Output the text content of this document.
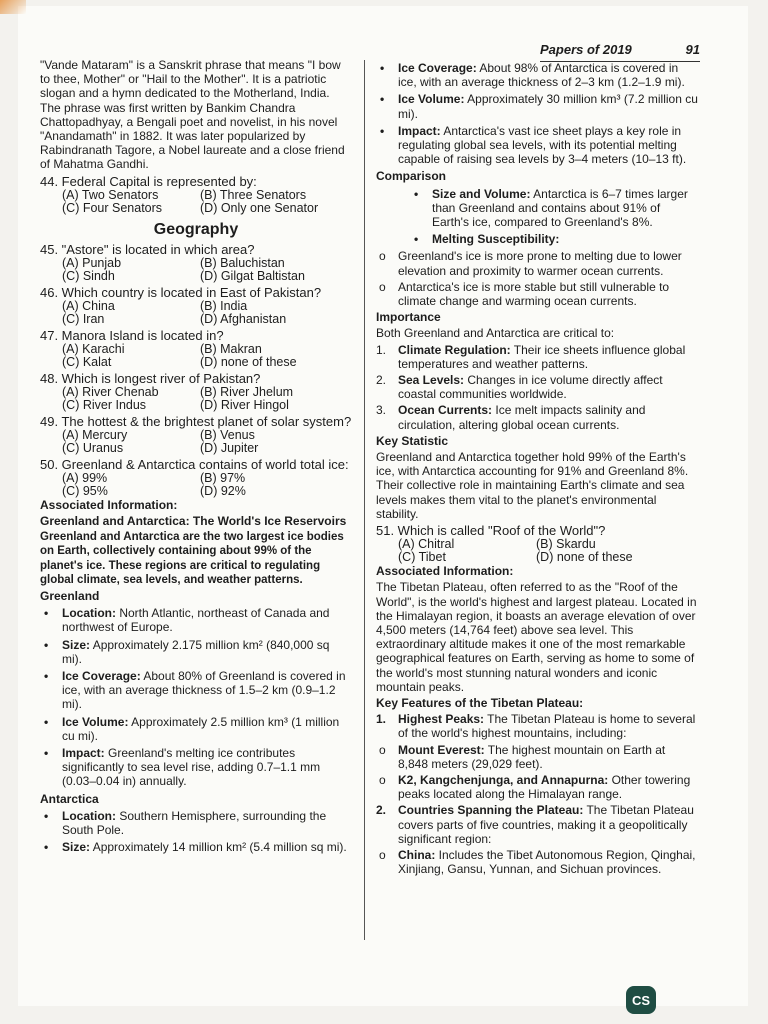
Papers of 2019	91

"Vande Mataram" is a Sanskrit phrase that means "I bow to thee, Mother" or "Hail to the Mother". It is a patriotic slogan and a hymn dedicated to the Motherland, India. The phrase was first written by Bankim Chandra Chattopadhyay, a Bengali poet and novelist, in his novel "Anandamath" in 1882. It was later popularized by Rabindranath Tagore, a Nobel laureate and a close friend of Mahatma Gandhi.

44. Federal Capital is represented by:
(A) Two Senators	(B) Three Senators
(C) Four Senators	(D) Only one Senator
Geography
45. "Astore" is located in which area?
(A) Punjab	(B) Baluchistan
(C) Sindh	(D) Gilgat Baltistan
46. Which country is located in East of Pakistan?
(A) China	(B) India
(C) Iran	(D) Afghanistan
47. Manora Island is located in?
(A) Karachi	(B) Makran
(C) Kalat	(D) none of these
48. Which is longest river of Pakistan?
(A) River Chenab	(B) River Jhelum
(C) River Indus	(D) River Hingol
49. The hottest & the brightest planet of solar system?
(A) Mercury	(B) Venus
(C) Uranus	(D) Jupiter
50. Greenland & Antarctica contains of world total ice:
(A) 99%	(B) 97%
(C) 95%	(D) 92%

Associated Information:

Greenland and Antarctica: The World's Ice Reservoirs

Greenland and Antarctica are the two largest ice bodies on Earth, collectively containing about 99% of the planet's ice. These regions are critical to regulating global climate, sea levels, and weather patterns.

Greenland

• Location: North Atlantic, northeast of Canada and northwest of Europe.
• Size: Approximately 2.175 million km² (840,000 sq mi).
• Ice Coverage: About 80% of Greenland is covered in ice, with an average thickness of 1.5–2 km (0.9–1.2 mi).
• Ice Volume: Approximately 2.5 million km³ (1 million cu mi).
• Impact: Greenland's melting ice contributes significantly to sea level rise, adding 0.7–1.1 mm (0.03–0.04 in) annually.

Antarctica

• Location: Southern Hemisphere, surrounding the South Pole.
• Size: Approximately 14 million km² (5.4 million sq mi).
• Ice Coverage: About 98% of Antarctica is covered in ice, with an average thickness of 2–3 km (1.2–1.9 mi).
• Ice Volume: Approximately 30 million km³ (7.2 million cu mi).
• Impact: Antarctica's vast ice sheet plays a key role in regulating global sea levels, with its potential melting capable of raising sea levels by 3–4 meters (10–13 ft).

Comparison

• Size and Volume: Antarctica is 6–7 times larger than Greenland and contains about 91% of Earth's ice, compared to Greenland's 8%.
• Melting Susceptibility:
o Greenland's ice is more prone to melting due to lower elevation and proximity to warmer ocean currents.
o Antarctica's ice is more stable but still vulnerable to climate change and warming ocean currents.

Importance

Both Greenland and Antarctica are critical to:

1. Climate Regulation: Their ice sheets influence global temperatures and weather patterns.
2. Sea Levels: Changes in ice volume directly affect coastal communities worldwide.
3. Ocean Currents: Ice melt impacts salinity and circulation, altering global ocean currents.

Key Statistic

Greenland and Antarctica together hold 99% of the Earth's ice, with Antarctica accounting for 91% and Greenland 8%. Their collective role in maintaining Earth's climate and sea levels makes them vital to the planet's environmental stability.

51. Which is called "Roof of the World"?
(A) Chitral	(B) Skardu
(C) Tibet	(D) none of these

Associated Information:

The Tibetan Plateau, often referred to as the "Roof of the World", is the world's highest and largest plateau. Located in the Himalayan region, it boasts an average elevation of over 4,500 meters (14,764 feet) above sea level. This extraordinary altitude makes it one of the most remarkable geographical features on Earth, serving as home to some of the world's most stunning natural wonders and iconic mountain peaks.

Key Features of the Tibetan Plateau:

1. Highest Peaks: The Tibetan Plateau is home to several of the world's highest mountains, including:
o Mount Everest: The highest mountain on Earth at 8,848 meters (29,029 feet).
o K2, Kangchenjunga, and Annapurna: Other towering peaks located along the Himalayan range.
2. Countries Spanning the Plateau: The Tibetan Plateau covers parts of five countries, making it a geopolitically significant region:
o China: Includes the Tibet Autonomous Region, Qinghai, Xinjiang, Gansu, Yunnan, and Sichuan provinces.
CS
